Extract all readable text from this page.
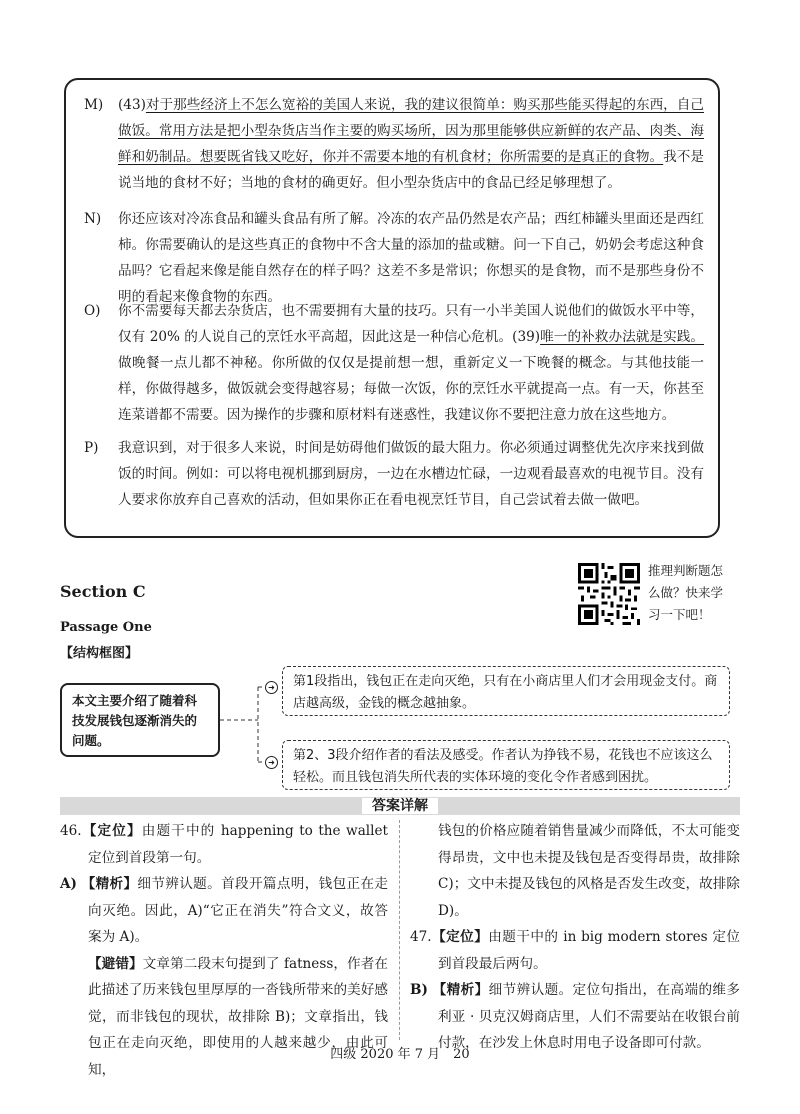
M)	(43)对于那些经济上不怎么宽裕的美国人来说，我的建议很简单：购买那些能买得起的东西，自己做饭。常用方法是把小型杂货店当作主要的购买场所，因为那里能够供应新鲜的农产品、肉类、海鲜和奶制品。想要既省钱又吃好，你并不需要本地的有机食材；你所需要的是真正的食物。我不是说当地的食材不好；当地的食材的确更好。但小型杂货店中的食品已经足够理想了。
N)	你还应该对冷冻食品和罐头食品有所了解。冷冻的农产品仍然是农产品；西红柿罐头里面还是西红柿。你需要确认的是这些真正的食物中不含大量的添加的盐或糖。问一下自己，奶奶会考虑这种食品吗？它看起来像是能自然存在的样子吗？这差不多是常识；你想买的是食物，而不是那些身份不明的看起来像食物的东西。
O)	你不需要每天都去杂货店，也不需要拥有大量的技巧。只有一小半美国人说他们的做饭水平中等，仅有 20% 的人说自己的烹饪水平高超，因此这是一种信心危机。(39)唯一的补救办法就是实践。做晚餐一点儿都不神秘。你所做的仅仅是提前想一想，重新定义一下晚餐的概念。与其他技能一样，你做得越多，做饭就会变得越容易；每做一次饭，你的烹饪水平就提高一点。有一天，你甚至连菜谱都不需要。因为操作的步骤和原材料有迷惑性，我建议你不要把注意力放在这些地方。
P)	我意识到，对于很多人来说，时间是妨碍他们做饭的最大阻力。你必须通过调整优先次序来找到做饭的时间。例如：可以将电视机挪到厨房，一边在水槽边忙碌，一边观看最喜欢的电视节目。没有人要求你放弃自己喜欢的活动，但如果你正在看电视烹饪节目，自己尝试着去做一做吧。
Section C
Passage One
【结构框图】
推理判断题怎
么做？快来学
习一下吧！
本文主要介绍了随着科技发展钱包逐渐消失的问题。
➜
➜
第1段指出，钱包正在走向灭绝，只有在小商店里人们才会用现金支付。商店越高级，金钱的概念越抽象。
第2、3段介绍作者的看法及感受。作者认为挣钱不易，花钱也不应该这么轻松。而且钱包消失所代表的实体环境的变化令作者感到困扰。
答案详解

46.【定位】由题干中的 happening to the wallet 定位到首段第一句。

A) 【精析】细节辨认题。首段开篇点明，钱包正在走向灭绝。因此，A)“它正在消失”符合文义，故答案为 A)。

【避错】文章第二段末句提到了 fatness，作者在此描述了历来钱包里厚厚的一沓钱所带来的美好感觉，而非钱包的现状，故排除 B)；文章指出，钱包正在走向灭绝，即使用的人越来越少，由此可知，

钱包的价格应随着销售量减少而降低，不太可能变得昂贵，文中也未提及钱包是否变得昂贵，故排除 C)；文中未提及钱包的风格是否发生改变，故排除 D)。

47.【定位】由题干中的 in big modern stores 定位到首段最后两句。

B) 【精析】细节辨认题。定位句指出，在高端的维多利亚 · 贝克汉姆商店里，人们不需要站在收银台前付款，在沙发上休息时用电子设备即可付款。

四级 2020 年 7 月　20
